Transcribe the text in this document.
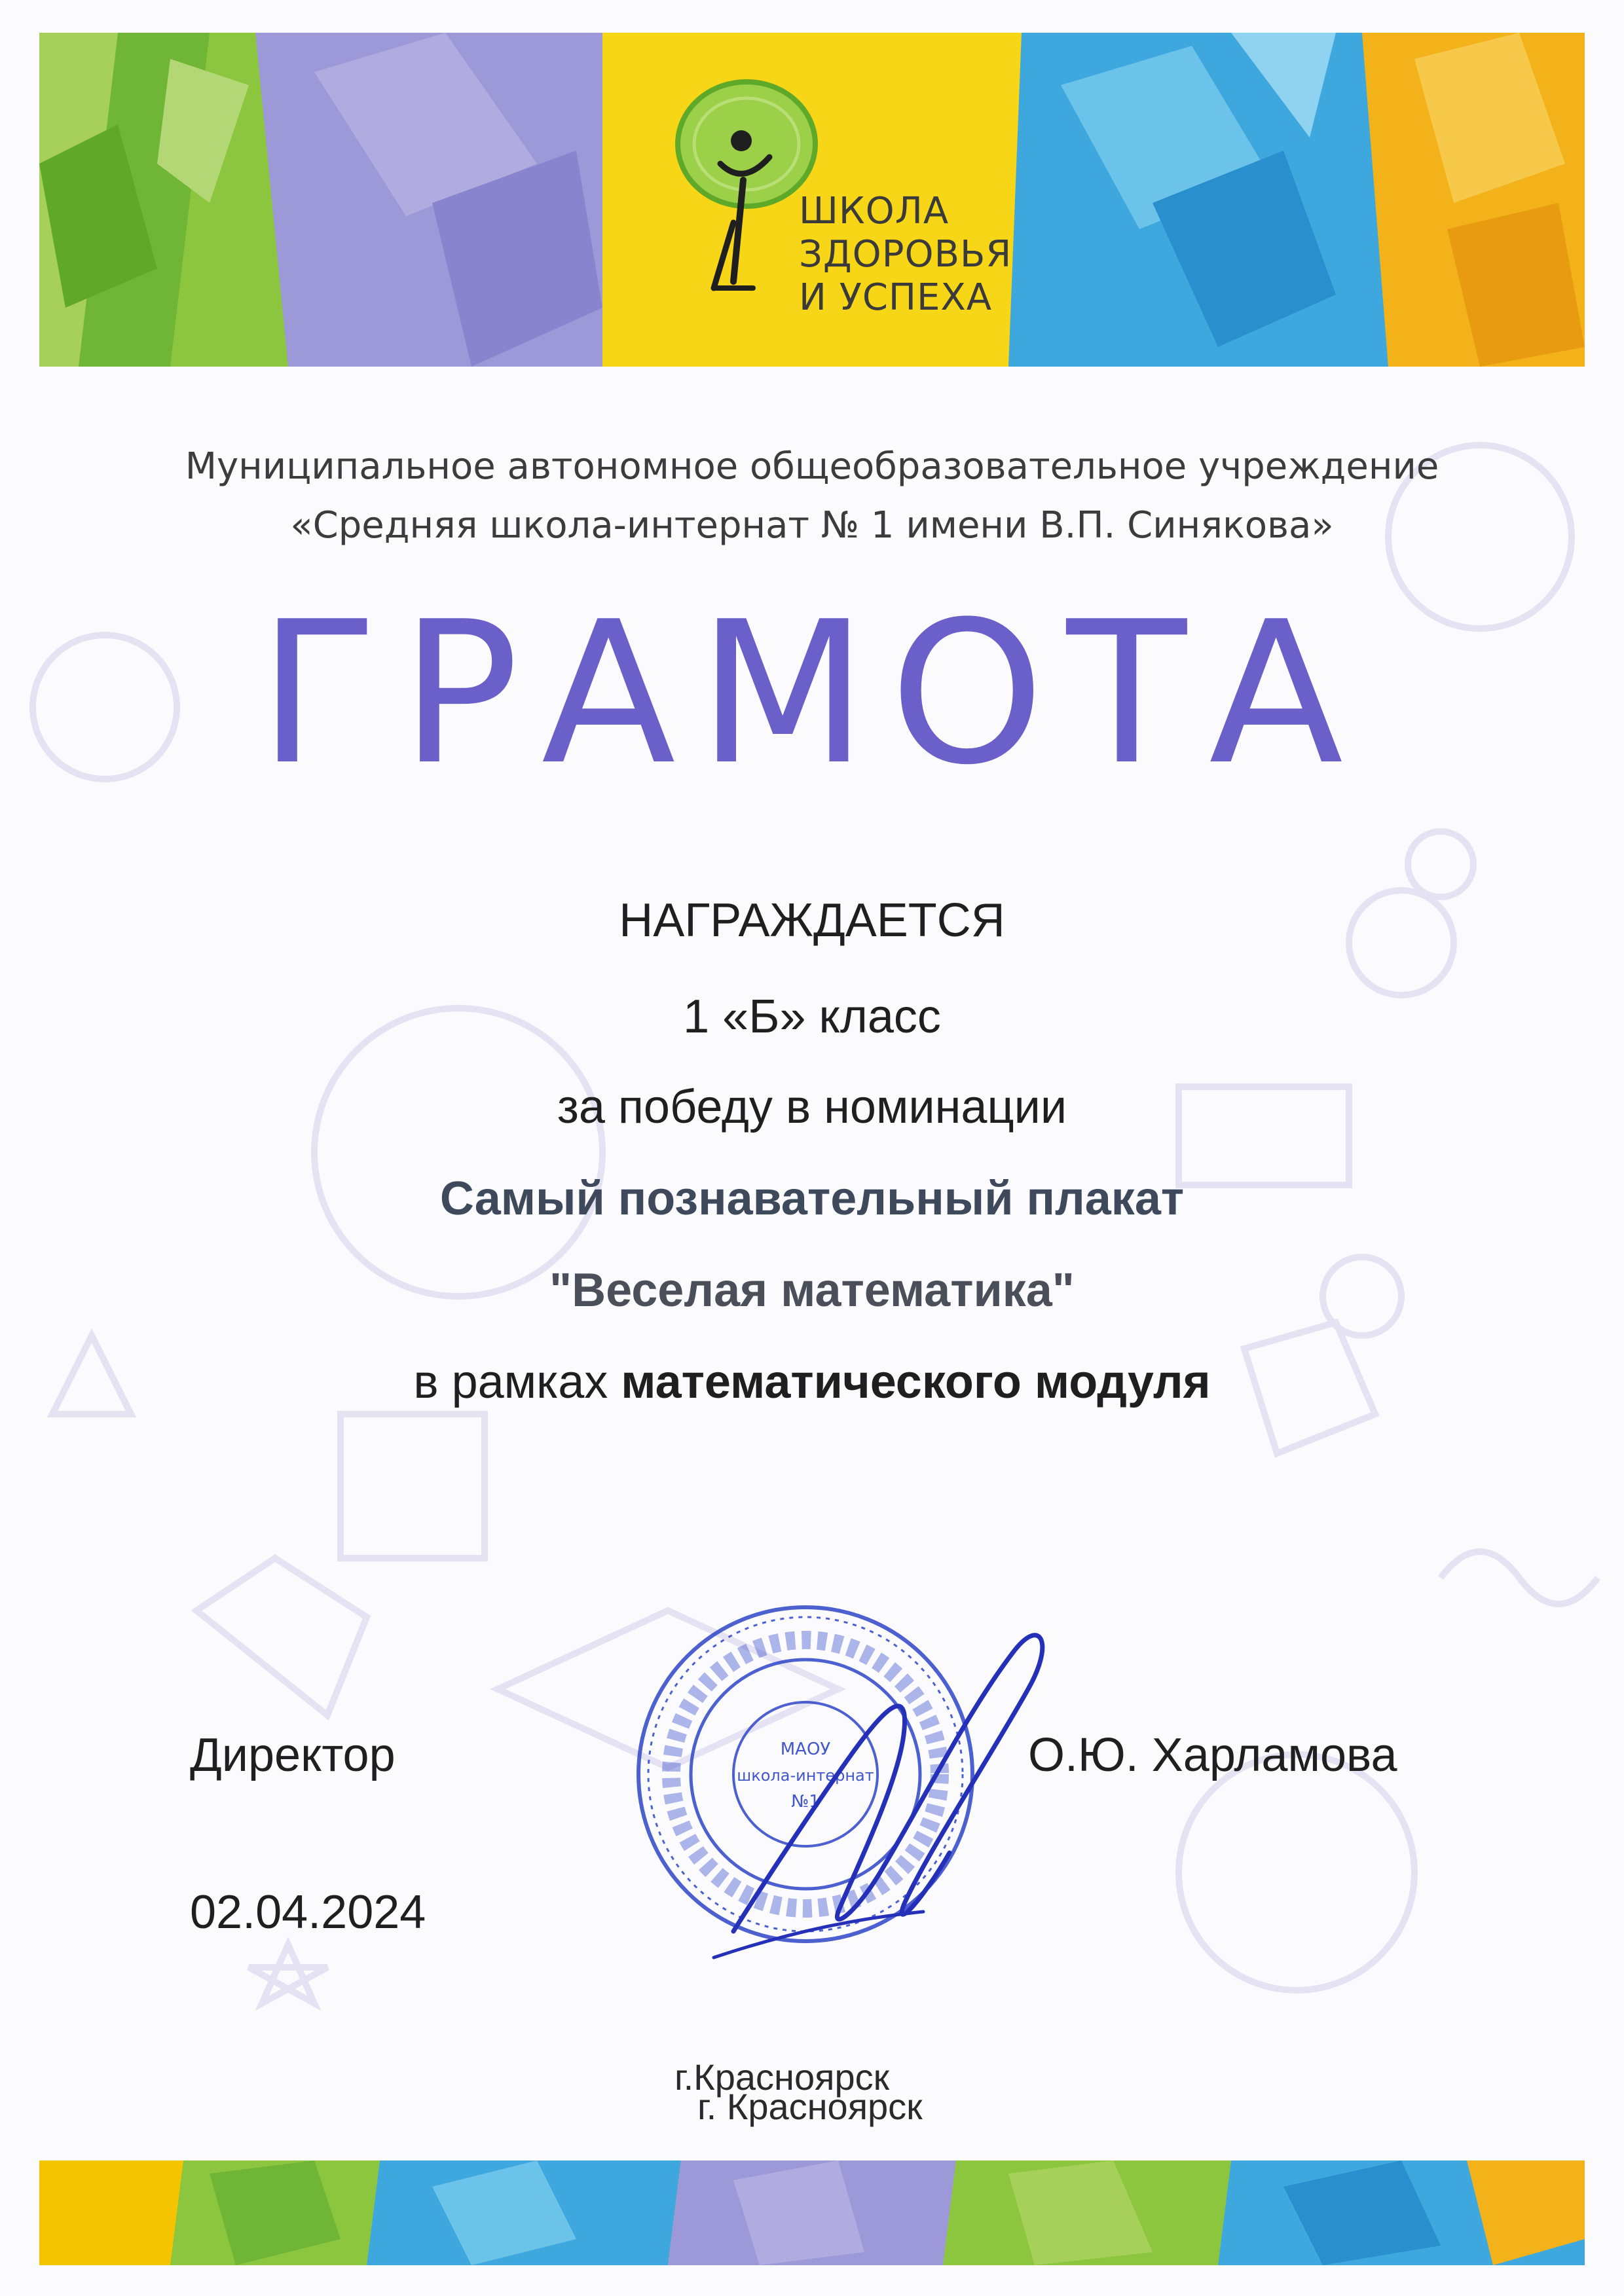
ШКОЛА
ЗДОРОВЬЯ
И УСПЕХА
Муниципальное автономное общеобразовательное учреждение
«Средняя школа-интернат № 1 имени В.П. Синякова»
ГРАМОТА
НАГРАЖДАЕТСЯ
1 «Б» класс
за победу в номинации
Самый познавательный плакат
"Веселая математика"
в рамках математического модуля
МАОУ
школа-интернат
№1
Директор	О.Ю. Харламова
02.04.2024
г.Красноярск
г. Красноярск
